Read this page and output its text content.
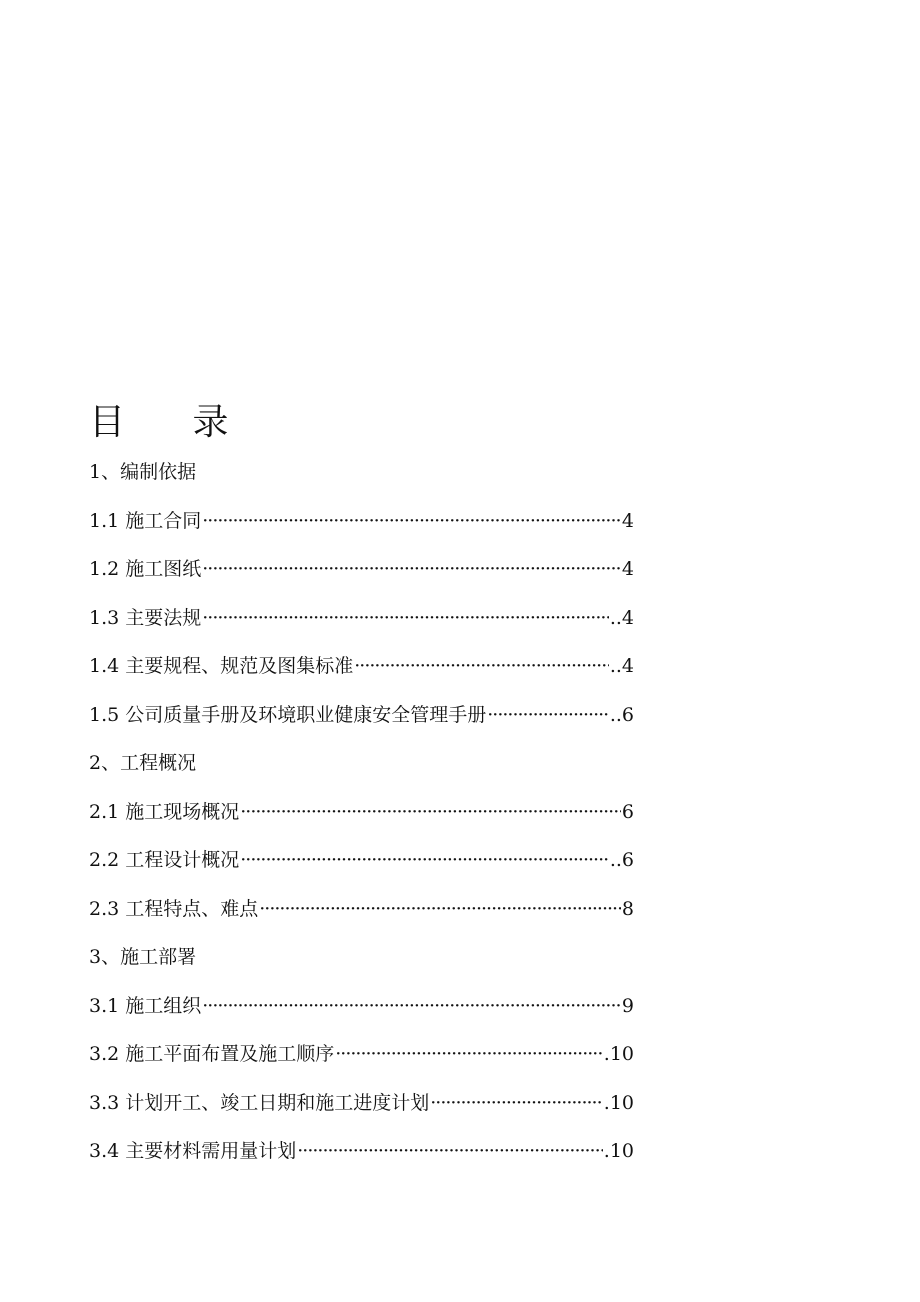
目 录
1、编制依据
1.1 施工合同 ·····	4
1.2 施工图纸 ·····	4
1.3 主要法规 ·····	..4
1.4 主要规程、规范及图集标准 ·····	..4
1.5 公司质量手册及环境职业健康安全管理手册 ·····	..6
2、工程概况
2.1 施工现场概况 ·····	6
2.2 工程设计概况 ·····	..6
2.3 工程特点、难点 ·····	8
3、施工部署
3.1 施工组织 ·····	9
3.2 施工平面布置及施工顺序 ·····	.10
3.3 计划开工、竣工日期和施工进度计划 ·····	.10
3.4 主要材料需用量计划 ·····	.10
